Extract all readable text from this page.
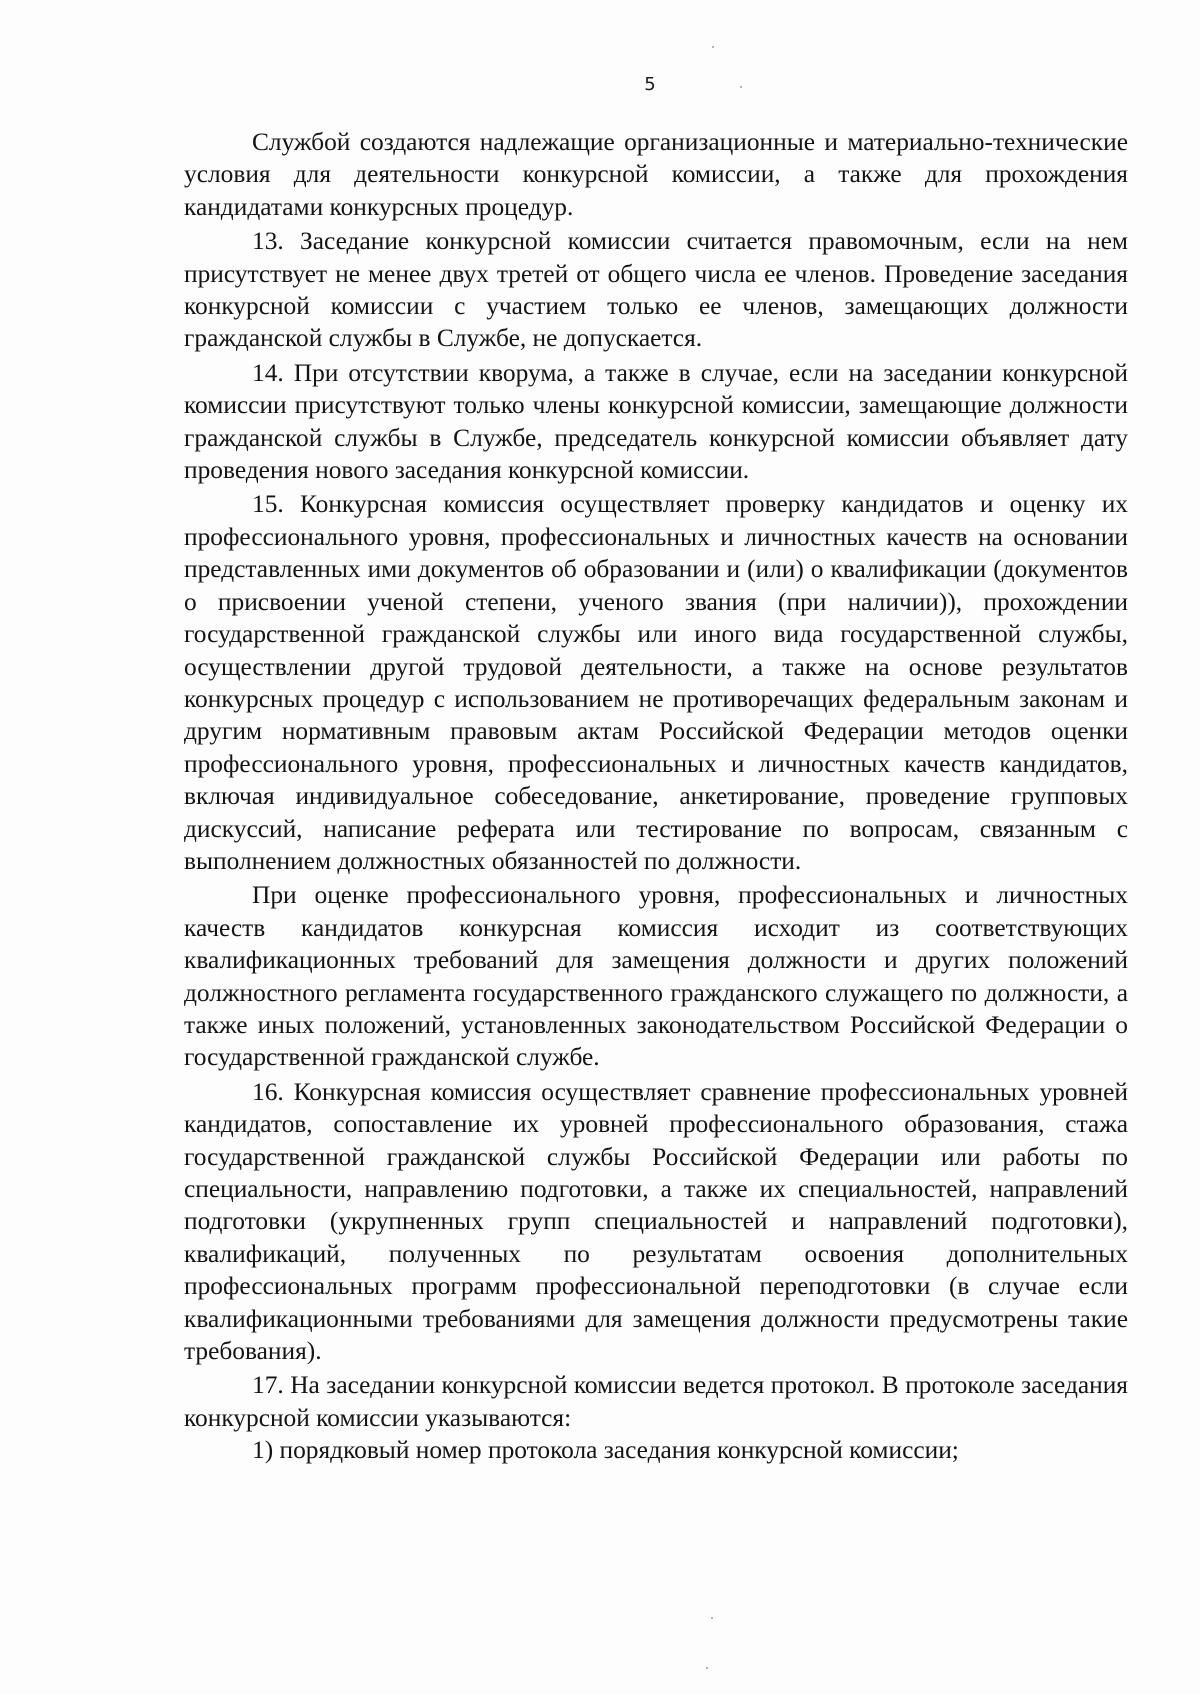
5

Службой создаются надлежащие организационные и материально-технические условия для деятельности конкурсной комиссии, а также для прохождения кандидатами конкурсных процедур.

13. Заседание конкурсной комиссии считается правомочным, если на нем присутствует не менее двух третей от общего числа ее членов. Проведение заседания конкурсной комиссии с участием только ее членов, замещающих должности гражданской службы в Службе, не допускается.

14. При отсутствии кворума, а также в случае, если на заседании конкурсной комиссии присутствуют только члены конкурсной комиссии, замещающие должности гражданской службы в Службе, председатель конкурсной комиссии объявляет дату проведения нового заседания конкурсной комиссии.

15. Конкурсная комиссия осуществляет проверку кандидатов и оценку их профессионального уровня, профессиональных и личностных качеств на основании представленных ими документов об образовании и (или) о квалификации (документов о присвоении ученой степени, ученого звания (при наличии)), прохождении государственной гражданской службы или иного вида государственной службы, осуществлении другой трудовой деятельности, а также на основе результатов конкурсных процедур с использованием не противоречащих федеральным законам и другим нормативным правовым актам Российской Федерации методов оценки профессионального уровня, профессиональных и личностных качеств кандидатов, включая индивидуальное собеседование, анкетирование, проведение групповых дискуссий, написание реферата или тестирование по вопросам, связанным с выполнением должностных обязанностей по должности.

При оценке профессионального уровня, профессиональных и личностных качеств кандидатов конкурсная комиссия исходит из соответствующих квалификационных требований для замещения должности и других положений должностного регламента государственного гражданского служащего по должности, а также иных положений, установленных законодательством Российской Федерации о государственной гражданской службе.

16. Конкурсная комиссия осуществляет сравнение профессиональных уровней кандидатов, сопоставление их уровней профессионального образования, стажа государственной гражданской службы Российской Федерации или работы по специальности, направлению подготовки, а также их специальностей, направлений подготовки (укрупненных групп специальностей и направлений подготовки), квалификаций, полученных по результатам освоения дополнительных профессиональных программ профессиональной переподготовки (в случае если квалификационными требованиями для замещения должности предусмотрены такие требования).

17. На заседании конкурсной комиссии ведется протокол. В протоколе заседания конкурсной комиссии указываются:

1) порядковый номер протокола заседания конкурсной комиссии;
